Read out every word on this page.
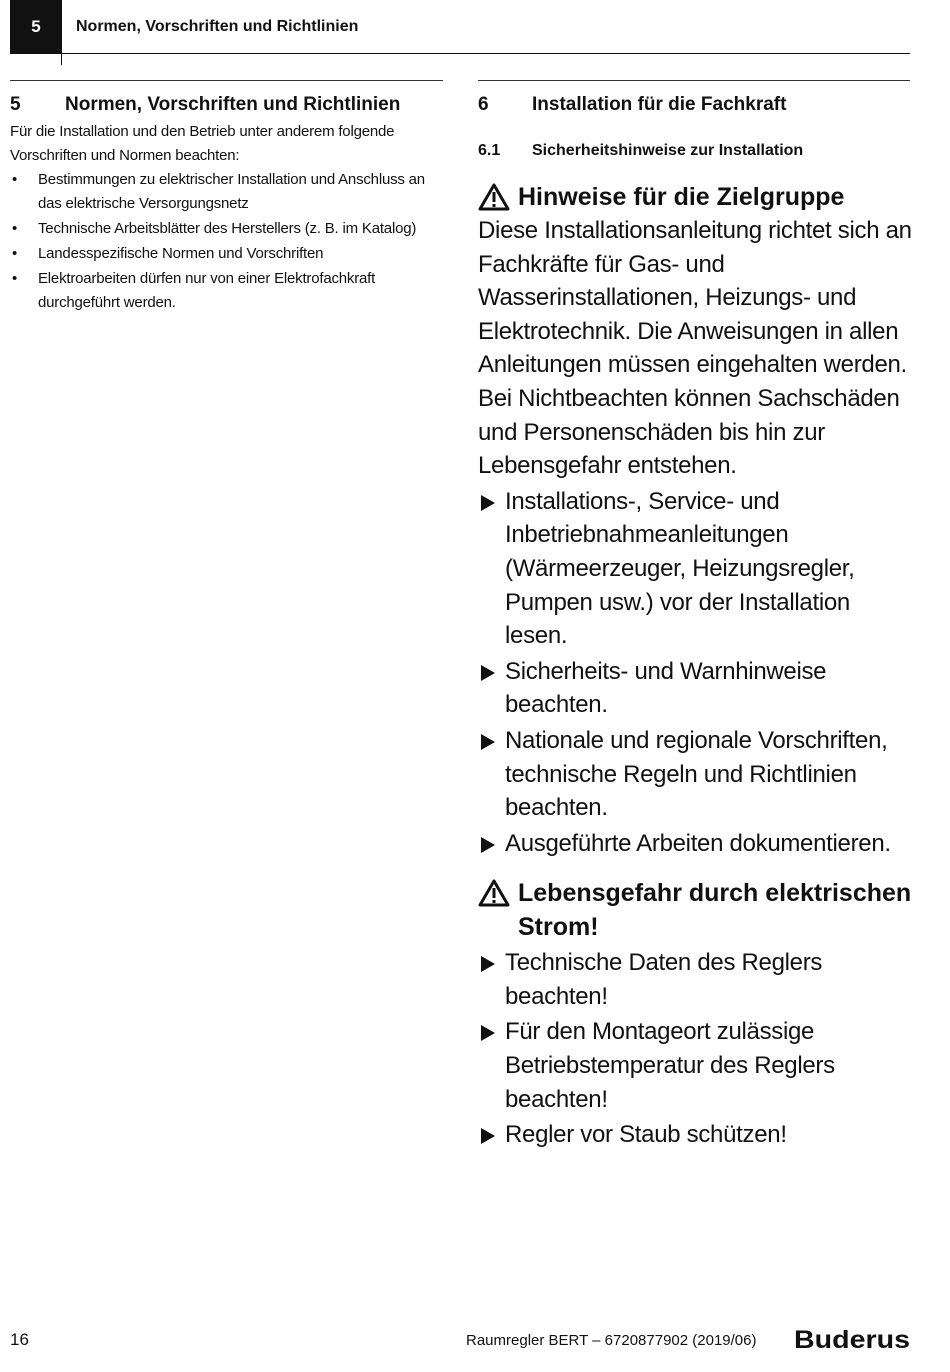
5 Normen, Vorschriften und Richtlinien
5	Normen, Vorschriften und Richtlinien

Für die Installation und den Betrieb unter anderem folgende Vorschriften und Normen beachten:

• Bestimmungen zu elektrischer Installation und Anschluss an das elektrische Versorgungsnetz
• Technische Arbeitsblätter des Herstellers (z. B. im Katalog)
• Landesspezifische Normen und Vorschriften
• Elektroarbeiten dürfen nur von einer Elektrofachkraft durchgeführt werden.
6	Installation für die Fachkraft
6.1	Sicherheitshinweise zur Installation
Hinweise für die Zielgruppe

Diese Installationsanleitung richtet sich an Fachkräfte für Gas- und Wasserinstallationen, Heizungs- und Elektrotechnik. Die Anweisungen in allen Anleitungen müssen eingehalten werden. Bei Nichtbeachten können Sachschäden und Personenschäden bis hin zur Lebensgefahr entstehen.

Installations-, Service- und Inbetriebnahmeanleitungen (Wärmeerzeuger, Heizungsregler, Pumpen usw.) vor der Installation lesen.
Sicherheits- und Warnhinweise beachten.
Nationale und regionale Vorschriften, technische Regeln und Richtlinien beachten.
Ausgeführte Arbeiten dokumentieren.
Lebensgefahr durch elektrischen Strom!
Technische Daten des Reglers beachten!
Für den Montageort zulässige Betriebstemperatur des Reglers beachten!
Regler vor Staub schützen!
16	Raumregler BERT – 6720877902 (2019/06) Buderus
